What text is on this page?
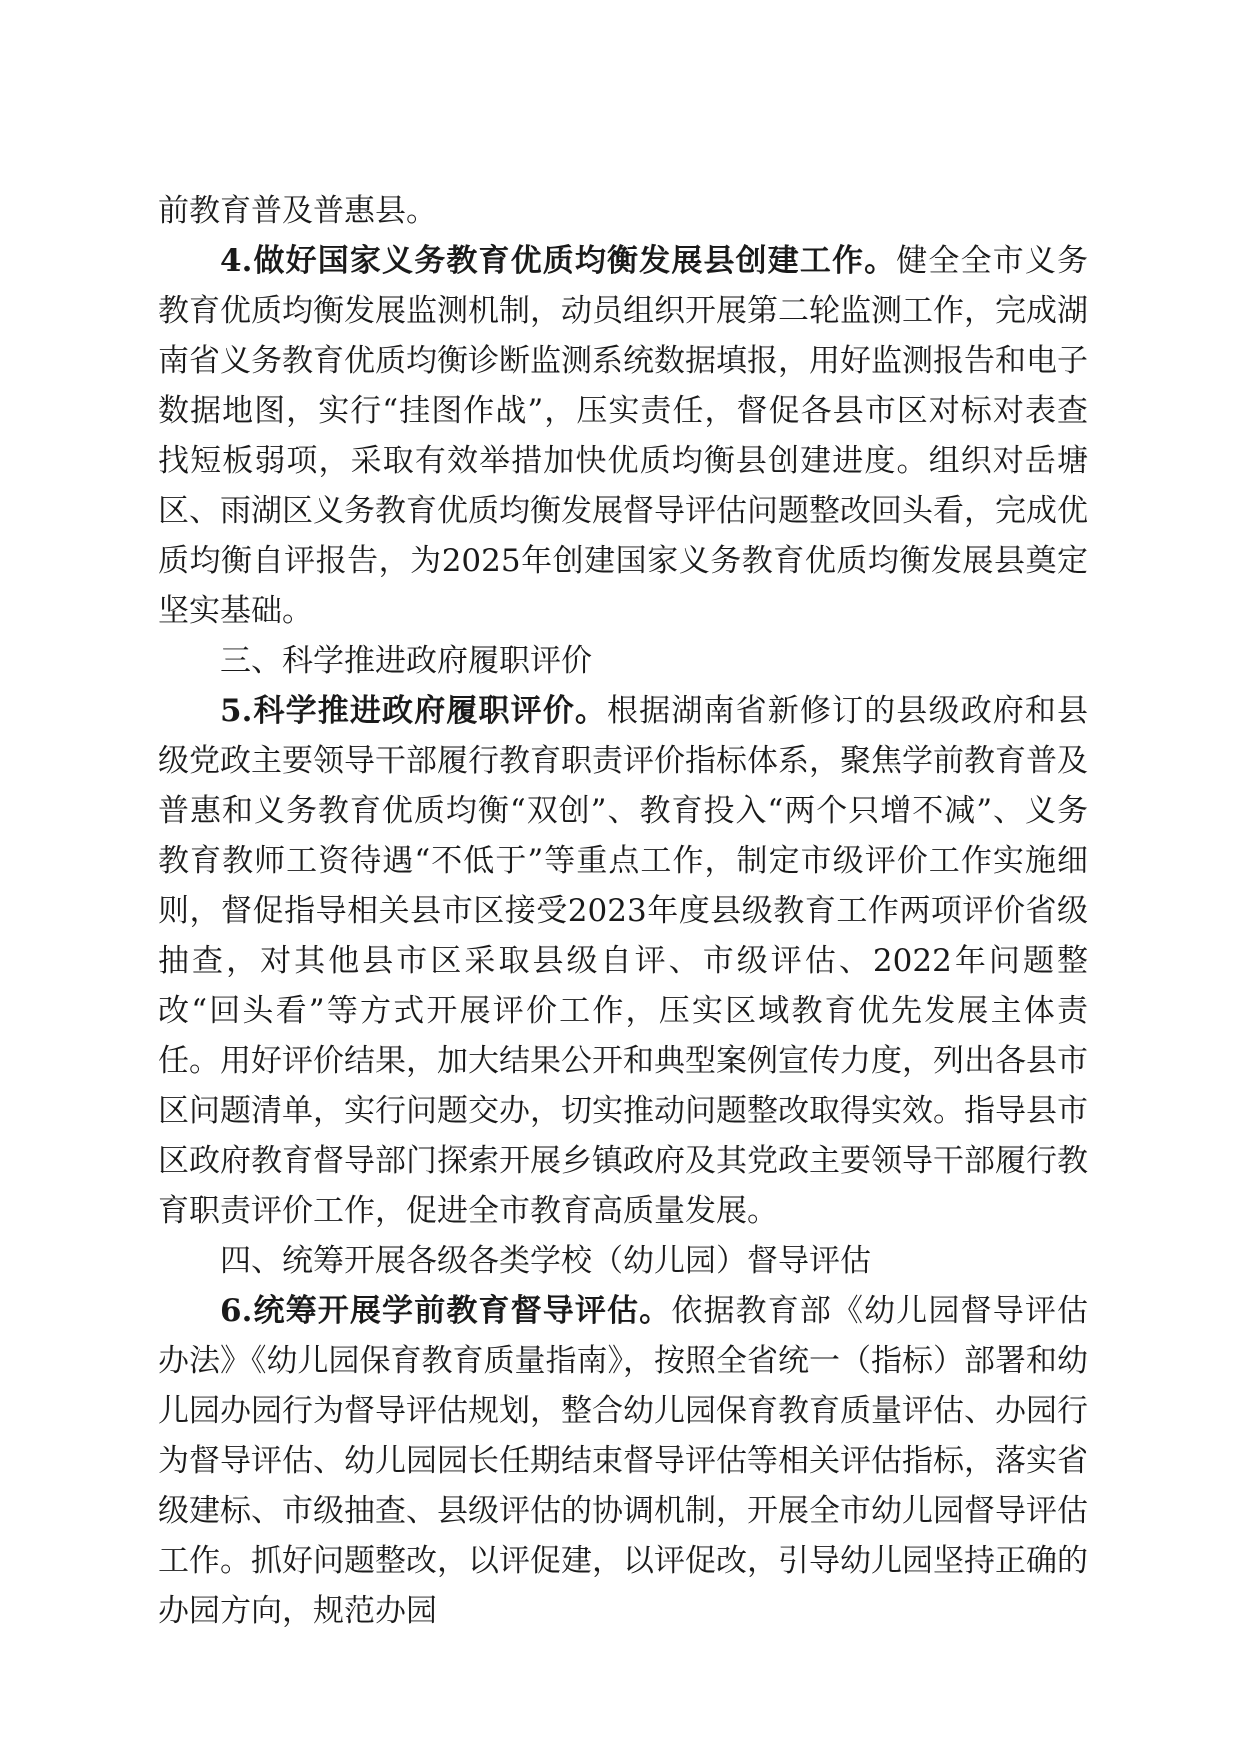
前教育普及普惠县。

4.做好国家义务教育优质均衡发展县创建工作。健全全市义务教育优质均衡发展监测机制，动员组织开展第二轮监测工作，完成湖南省义务教育优质均衡诊断监测系统数据填报，用好监测报告和电子数据地图，实行“挂图作战”，压实责任，督促各县市区对标对表查找短板弱项，采取有效举措加快优质均衡县创建进度。组织对岳塘区、雨湖区义务教育优质均衡发展督导评估问题整改回头看，完成优质均衡自评报告，为2025年创建国家义务教育优质均衡发展县奠定坚实基础。

三、科学推进政府履职评价

5.科学推进政府履职评价。根据湖南省新修订的县级政府和县级党政主要领导干部履行教育职责评价指标体系，聚焦学前教育普及普惠和义务教育优质均衡“双创”、教育投入“两个只增不减”、义务教育教师工资待遇“不低于”等重点工作，制定市级评价工作实施细则，督促指导相关县市区接受2023年度县级教育工作两项评价省级抽查，对其他县市区采取县级自评、市级评估、2022年问题整改“回头看”等方式开展评价工作，压实区域教育优先发展主体责任。用好评价结果，加大结果公开和典型案例宣传力度，列出各县市区问题清单，实行问题交办，切实推动问题整改取得实效。指导县市区政府教育督导部门探索开展乡镇政府及其党政主要领导干部履行教育职责评价工作，促进全市教育高质量发展。

四、统筹开展各级各类学校（幼儿园）督导评估

6.统筹开展学前教育督导评估。依据教育部《幼儿园督导评估办法》《幼儿园保育教育质量指南》，按照全省统一（指标）部署和幼儿园办园行为督导评估规划，整合幼儿园保育教育质量评估、办园行为督导评估、幼儿园园长任期结束督导评估等相关评估指标，落实省级建标、市级抽查、县级评估的协调机制，开展全市幼儿园督导评估工作。抓好问题整改，以评促建，以评促改，引导幼儿园坚持正确的办园方向，规范办园
